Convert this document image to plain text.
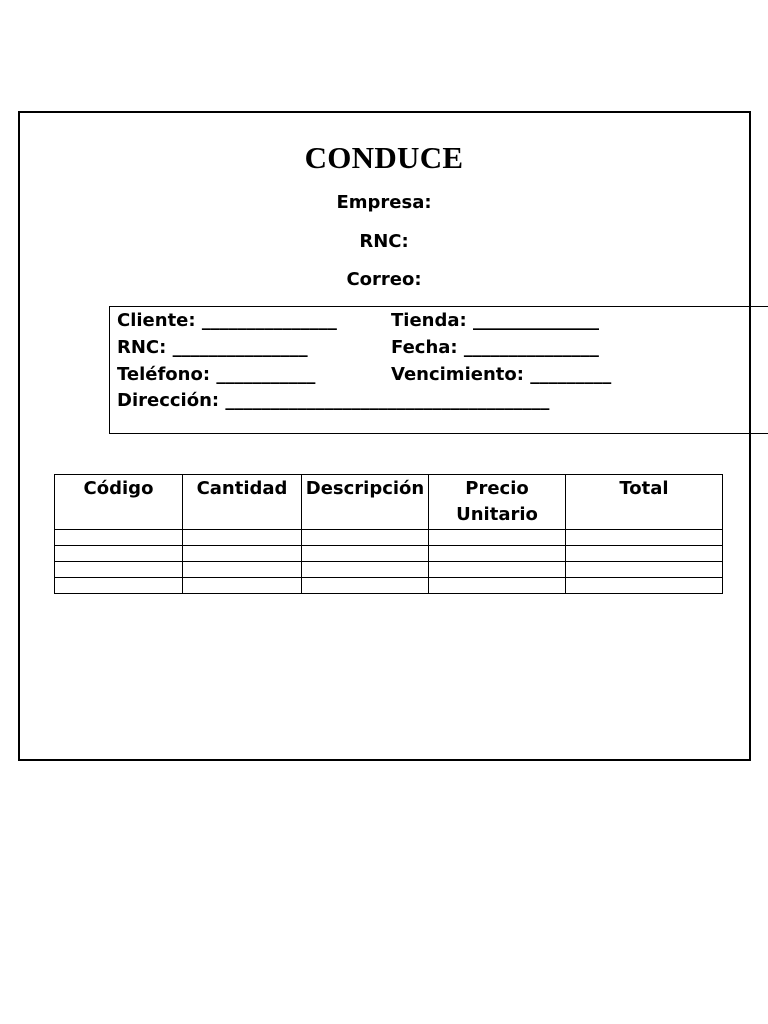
CONDUCE
Empresa:
RNC:
Correo:
Cliente: _______________	Tienda: ______________
RNC: _______________	Fecha: _______________
Teléfono: ___________	Vencimiento: _________
Dirección: ____________________________________
Código	Cantidad	Descripción	Precio Unitario	Total
